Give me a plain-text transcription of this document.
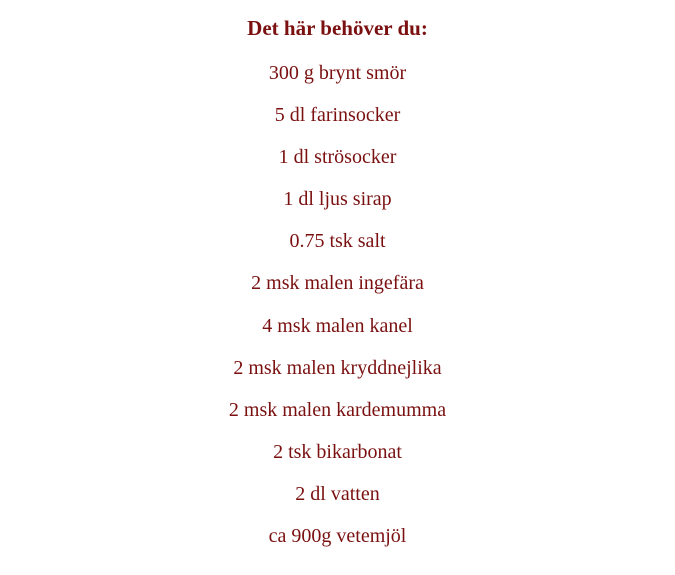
Det här behöver du:
300 g brynt smör
5 dl farinsocker
1 dl strösocker
1 dl ljus sirap
0.75 tsk salt
2 msk malen ingefära
4 msk malen kanel
2 msk malen kryddnejlika
2 msk malen kardemumma
2 tsk bikarbonat
2 dl vatten
ca 900g vetemjöl
